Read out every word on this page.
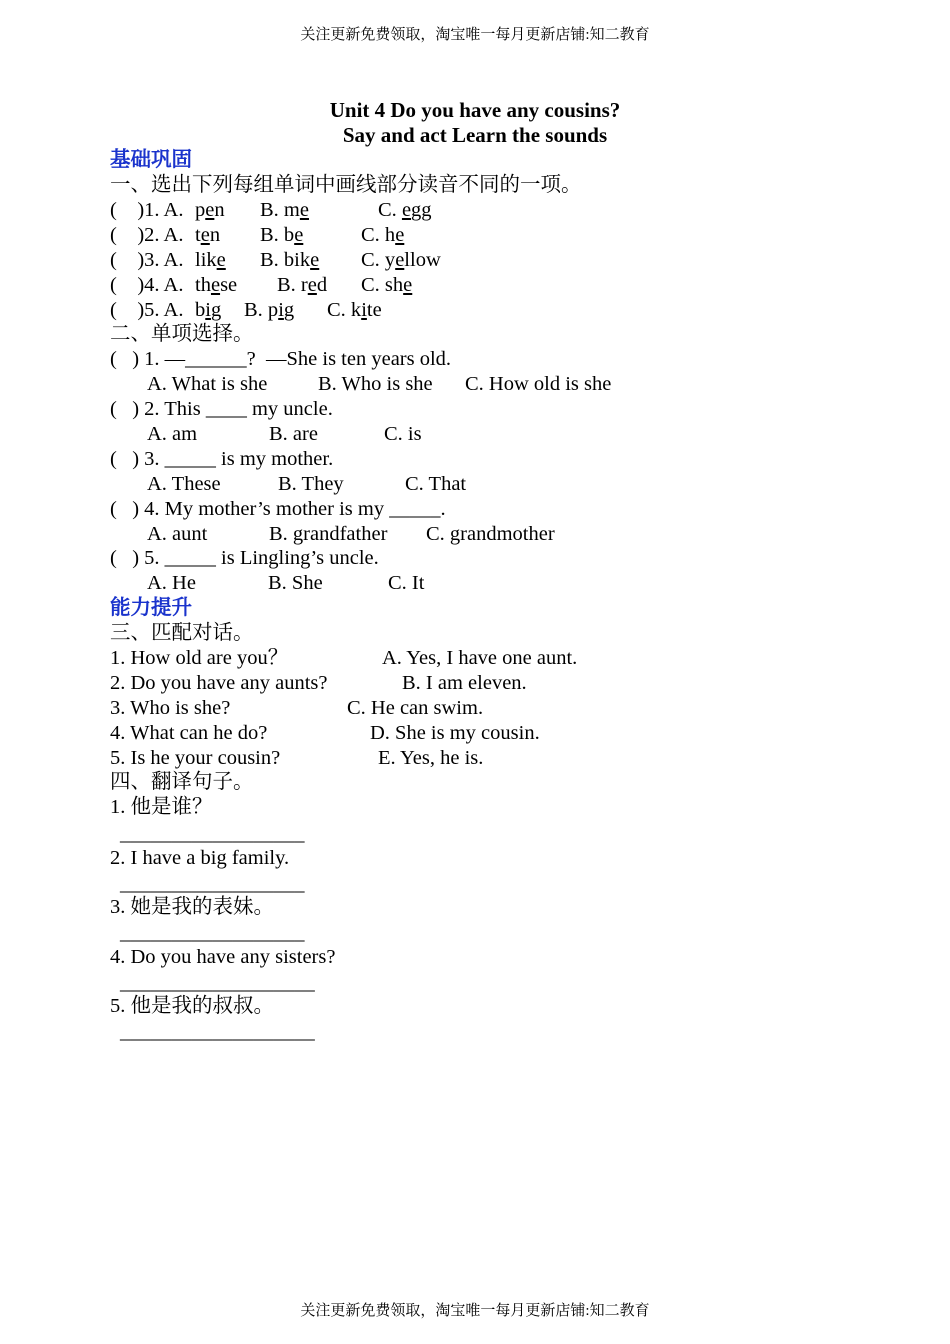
关注更新免费领取，淘宝唯一每月更新店铺:知二教育
Unit 4 Do you have any cousins?
Say and act Learn the sounds
基础巩固
一、选出下列每组单词中画线部分读音不同的一项。
(    )1. A. pen B. me	C. egg
(    )2. A. ten B. be	C. he
(    )3. A. like B. bike C. yellow
(    )4. A. these B. red C. she
(    )5. A. big B. pig C. kite
二、单项选择。
(   ) 1. —______?  —She is ten years old.
A. What is she B. Who is she C. How old is she
(   ) 2. This ____ my uncle.
A. am	B. are	C. is
(   ) 3. _____ is my mother.
A. These	B. They	C. That
(   ) 4. My mother’s mother is my _____.
A. aunt	B. grandfather C. grandmother
(   ) 5. _____ is Lingling’s uncle.
A. He	B. She	C. It
能力提升
三、匹配对话。
1. How old are you？	A. Yes, I have one aunt.
2. Do you have any aunts?	B. I am eleven.
3. Who is she?	C. He can swim.
4. What can he do?	D. She is my cousin.
5. Is he your cousin?	E. Yes, he is.
四、翻译句子。
1. 他是谁？
__________________
2. I have a big family.
__________________
3. 她是我的表妹。
__________________
4. Do you have any sisters?
___________________
5. 他是我的叔叔。
___________________
关注更新免费领取，淘宝唯一每月更新店铺:知二教育
